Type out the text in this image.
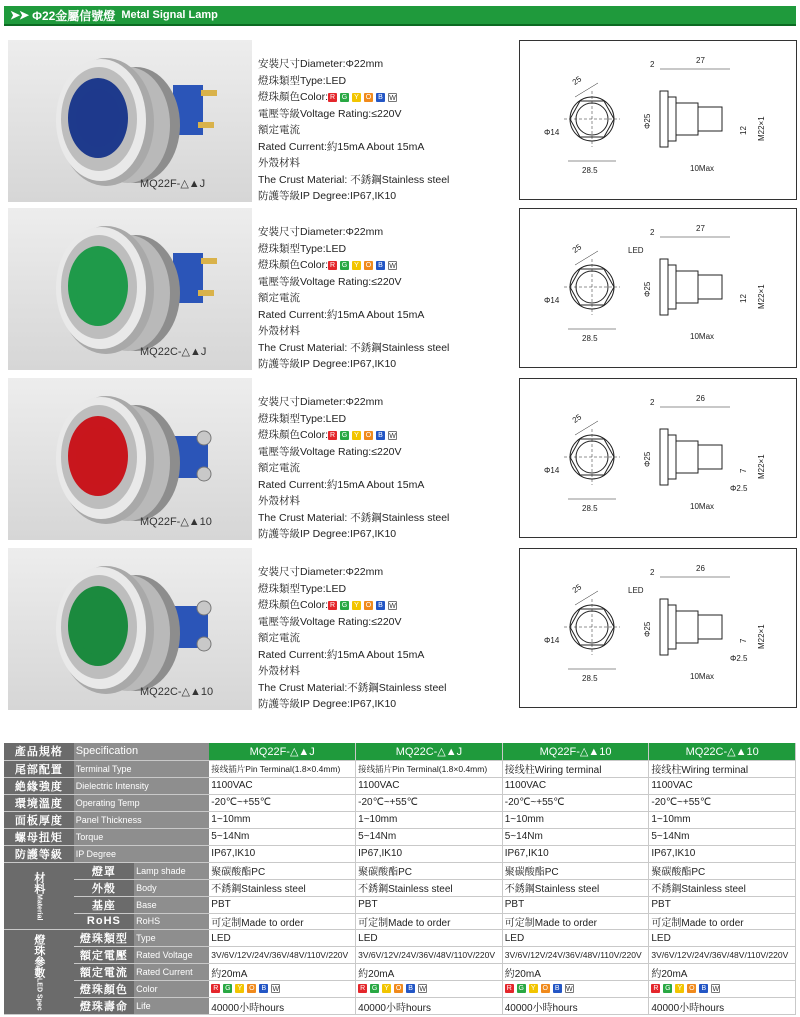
➤➤ Φ22金屬信號燈 Metal Signal Lamp
MQ22F-△▲J
安裝尺寸Diameter:Φ22mm
燈珠類型Type:LED
燈珠顏色Color: R G Y O B W
電壓等級Voltage Rating:≤220V
額定電流
Rated Current:約15mA About 15mA
外殼材料
The Crust Material: 不銹鋼Stainless steel
防護等級IP Degree:IP67,IK10
25
Φ14
28.5
2	27
Φ25
12 M22×1
10Max
MQ22C-△▲J
安裝尺寸Diameter:Φ22mm
燈珠類型Type:LED
燈珠顏色Color: R G Y O B W
電壓等級Voltage Rating:≤220V
額定電流
Rated Current:約15mA About 15mA
外殼材料
The Crust Material: 不銹鋼Stainless steel
防護等級IP Degree:IP67,IK10
25
Φ14
28.5
LED
2	27
Φ25
12 M22×1
10Max
MQ22F-△▲10
安裝尺寸Diameter:Φ22mm
燈珠類型Type:LED
燈珠顏色Color: R G Y O B W
電壓等級Voltage Rating:≤220V
額定電流
Rated Current:約15mA About 15mA
外殼材料
The Crust Material: 不銹鋼Stainless steel
防護等級IP Degree:IP67,IK10
25
Φ14
28.5
2	26
Φ25
7 M22×1
10Max
Φ2.5
MQ22C-△▲10
安裝尺寸Diameter:Φ22mm
燈珠類型Type:LED
燈珠顏色Color: R G Y O B W
電壓等級Voltage Rating:≤220V
額定電流
Rated Current:約15mA About 15mA
外殼材料
The Crust Material:不銹鋼Stainless steel
防護等級IP Degree:IP67,IK10
25
Φ14
28.5
LED
2	26
Φ25
7 M22×1
10Max
Φ2.5
產品規格	Specification		MQ22F-△▲J	MQ22C-△▲J	MQ22F-△▲10	MQ22C-△▲10
尾部配置	Terminal Type		接线插片Pin Terminal(1.8×0.4mm)	接线插片Pin Terminal(1.8×0.4mm)	接线柱Wiring terminal	接线柱Wiring terminal
絶緣強度	Dielectric Intensity		1100VAC	1100VAC	1100VAC	1100VAC
環境溫度	Operating Temp		-20℃~+55℃	-20℃~+55℃	-20℃~+55℃	-20℃~+55℃
面板厚度	Panel Thickness		1~10mm	1~10mm	1~10mm	1~10mm
螺母扭矩	Torque		5~14Nm	5~14Nm	5~14Nm	5~14Nm
防護等級	IP Degree		IP67,IK10	IP67,IK10	IP67,IK10	IP67,IK10

材料
Material	燈罩	Lamp shade	聚碳酸酯PC	聚碳酸酯PC	聚碳酸酯PC	聚碳酸酯PC
	外殼	Body	不銹鋼Stainless steel	不銹鋼Stainless steel	不銹鋼Stainless steel	不銹鋼Stainless steel
	基座	Base	PBT	PBT	PBT	PBT
	RoHS	RoHS	可定制Made to order	可定制Made to order	可定制Made to order	可定制Made to order

燈珠參數
LED Spec	燈珠類型	Type	LED	LED	LED	LED
	額定電壓	Rated Voltage	3V/6V/12V/24V/36V/48V/110V/220V	3V/6V/12V/24V/36V/48V/110V/220V	3V/6V/12V/24V/36V/48V/110V/220V	3V/6V/12V/24V/36V/48V/110V/220V
	額定電流	Rated Current	約20mA	約20mA	約20mA	約20mA
	燈珠顏色	Color	R G Y O B W	R G Y O B W	R G Y O B W	R G Y O B W
	燈珠壽命	Life	40000小時hours	40000小時hours	40000小時hours	40000小時hours
